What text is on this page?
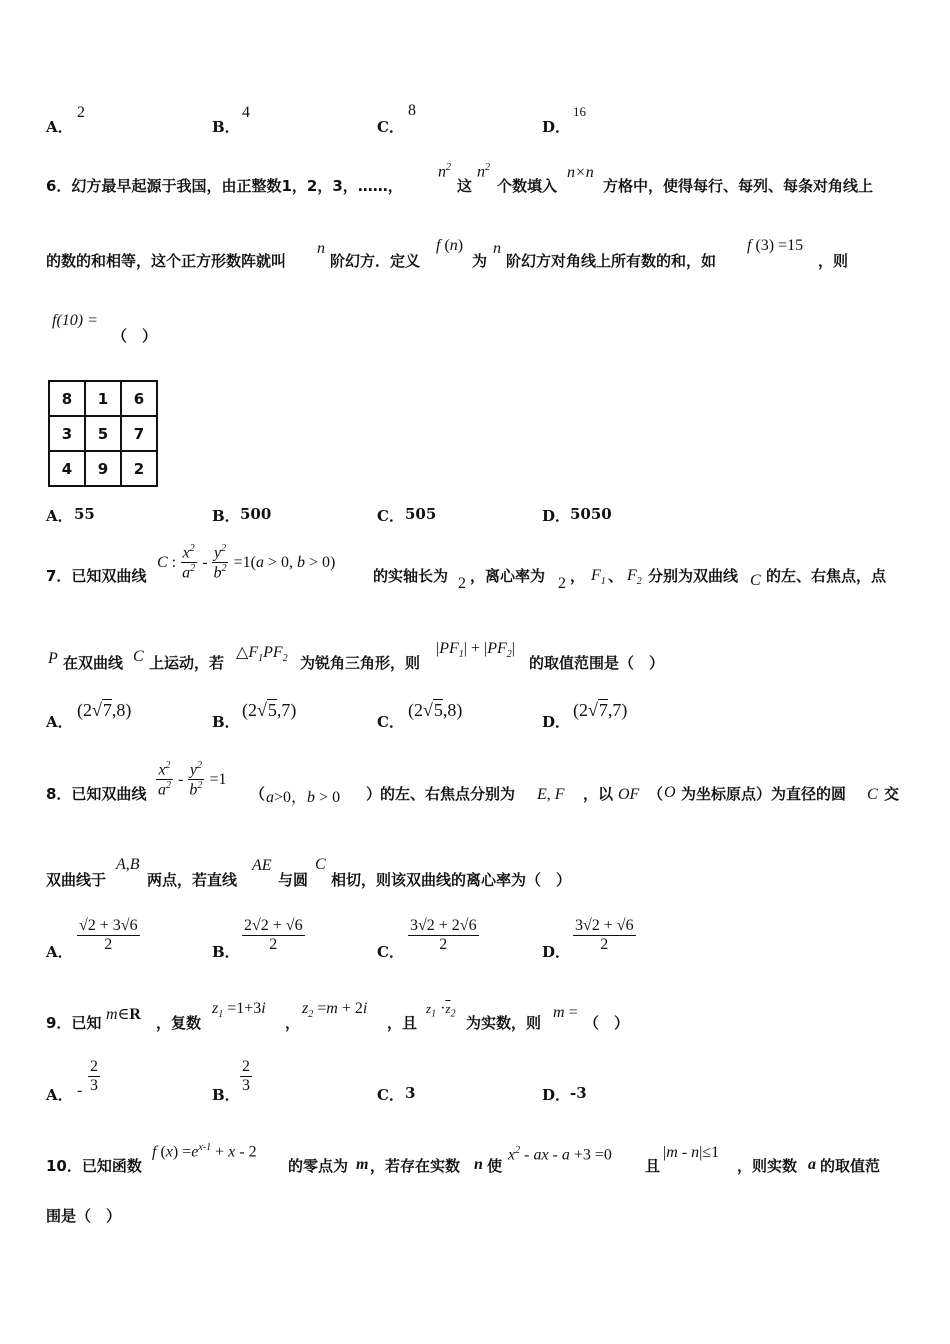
A．
2
B．
4
C．
8
D．
16
6．幻方最早起源于我国，由正整数1，2，3，……，
$n^2$
这
$n^2$
个数填入
n×n
方格中，使得每行、每列、每条对角线上
的数的和相等，这个正方形数阵就叫
n
阶幻方．定义
f (n)
为
n
阶幻方对角线上所有数的和，如
f (3) =15
，则
f(10) =
（　）
8	1	6
3	5	7
4	9	2
A． 55	B． 500	C． 505	D． 5050
7．已知双曲线
C : $\frac{x^2}{a^2} - \frac{y^2}{b^2} =1(a > 0$, b > 0)
的实轴长为 2 ，离心率为 2 ， $F_1$ 、 $F_2$ 分别为双曲线 C 的左、右焦点，点
P 在双曲线 C 上运动，若
$\triangle F_1PF_2$ 为锐角三角形，则
$|PF_1| + |PF_2|$
的取值范围是（　）
A．
(2√7,8)
B．
(2√5,7)
C．
(2√5,8)
D．
(2√7,7)
8．已知双曲线 $\frac{x^2}{a^2} - \frac{y^2}{b^2} =1$
（ a>0，b > 0 ）
的左、右焦点分别为 E, F ，以 OF （ O 为坐标原点）为直径的圆 C 交
双曲线于
A,B
两点，若直线
AE
与圆
C
相切，则该双曲线的离心率为（　）
A． $\frac{√2 + 3√6}{2}$	B． $\frac{2√2 + √6}{2}$	C． $\frac{3√2 + 2√6}{2}$	D． $\frac{3√2 + √6}{2}$
9．已知 m∈R ，复数
$z_1 =1+3i$
，
$z_2 =m + 2i$
，且
$z_1 \cdot\overline{z}_2$ 为实数，则
m =
（　）
A． - $\frac{2}{3}$
B．
$\frac{2}{3}$
C． 3	D． -3
10．已知函数
f $(x) =e^{x-1} + x - 2$
的零点为 m ，若存在实数 n 使
$x^2$ - ax - a +3 =0
且
|m - n|≤1
，则实数 a 的取值范
围是（　）
